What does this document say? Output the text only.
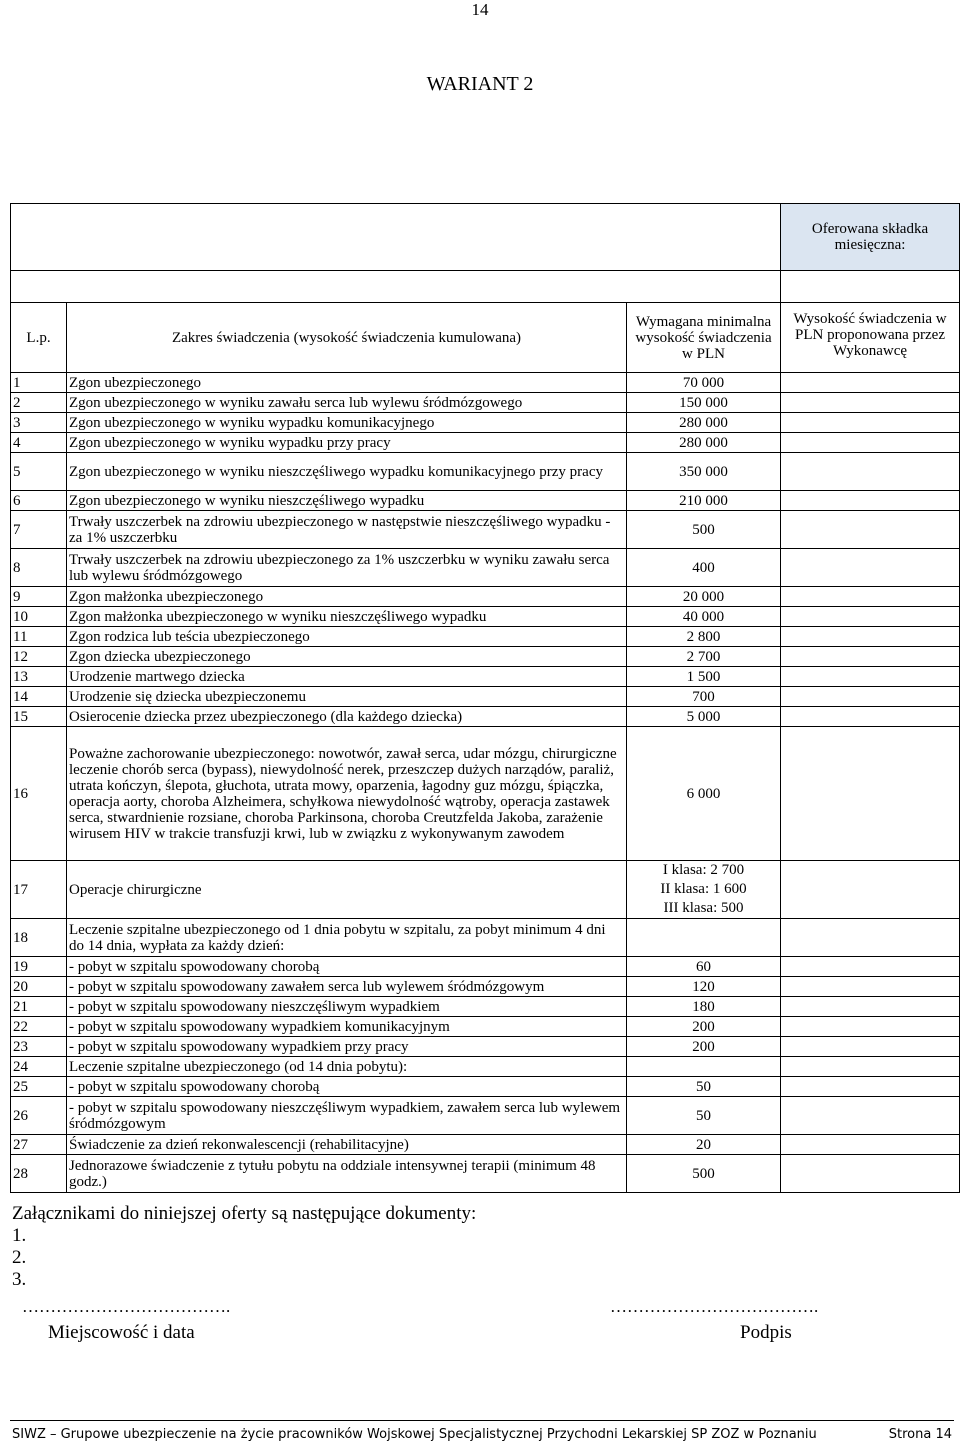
14
WARIANT 2
			Oferowana składka miesięczna:

L.p.	Zakres świadczenia (wysokość świadczenia kumulowana)	Wymagana minimalna wysokość świadczenia w PLN	Wysokość świadczenia w PLN proponowana przez Wykonawcę
1	Zgon ubezpieczonego	70 000	
2	Zgon ubezpieczonego w wyniku zawału serca lub wylewu śródmózgowego	150 000	
3	Zgon ubezpieczonego w wyniku wypadku komunikacyjnego	280 000	
4	Zgon ubezpieczonego w wyniku wypadku przy pracy	280 000	
5	Zgon ubezpieczonego w wyniku nieszczęśliwego wypadku komunikacyjnego przy pracy	350 000	
6	Zgon ubezpieczonego w wyniku nieszczęśliwego wypadku	210 000	
7	Trwały uszczerbek na zdrowiu ubezpieczonego w następstwie nieszczęśliwego wypadku - za 1% uszczerbku	500	
8	Trwały uszczerbek na zdrowiu ubezpieczonego za 1% uszczerbku w wyniku zawału serca lub wylewu śródmózgowego	400	
9	Zgon małżonka ubezpieczonego	20 000	
10	Zgon małżonka ubezpieczonego w wyniku nieszczęśliwego wypadku	40 000	
11	Zgon rodzica lub teścia ubezpieczonego	2 800	
12	Zgon dziecka ubezpieczonego	2 700	
13	Urodzenie martwego dziecka	1 500	
14	Urodzenie się dziecka ubezpieczonemu	700	
15	Osierocenie dziecka przez ubezpieczonego (dla każdego dziecka)	5 000	
16	Poważne zachorowanie ubezpieczonego: nowotwór, zawał serca, udar mózgu, chirurgiczne leczenie chorób serca (bypass), niewydolność nerek, przeszczep dużych narządów, paraliż, utrata kończyn, ślepota, głuchota, utrata mowy, oparzenia, łagodny guz mózgu, śpiączka, operacja aorty, choroba Alzheimera, schyłkowa niewydolność wątroby, operacja zastawek serca, stwardnienie rozsiane, choroba Parkinsona, choroba Creutzfelda Jakoba, zarażenie wirusem HIV w trakcie transfuzji krwi, lub w związku z wykonywanym zawodem	6 000	
17	Operacje chirurgiczne	I klasa: 2 700
II klasa: 1 600
III klasa: 500	

18	Leczenie szpitalne ubezpieczonego od 1 dnia pobytu w szpitalu, za pobyt minimum 4 dni do 14 dnia, wypłata za każdy dzień:		
19	- pobyt w szpitalu spowodowany chorobą	60	
20	- pobyt w szpitalu spowodowany zawałem serca lub wylewem śródmózgowym	120	
21	- pobyt w szpitalu spowodowany nieszczęśliwym wypadkiem	180	
22	- pobyt w szpitalu spowodowany wypadkiem komunikacyjnym	200	
23	- pobyt w szpitalu spowodowany wypadkiem przy pracy	200	
24	Leczenie szpitalne ubezpieczonego (od 14 dnia pobytu):		
25	- pobyt w szpitalu spowodowany chorobą	50	
26	- pobyt w szpitalu spowodowany nieszczęśliwym wypadkiem, zawałem serca lub wylewem śródmózgowym	50	
27	Świadczenie za dzień rekonwalescencji (rehabilitacyjne)	20	
28	Jednorazowe świadczenie z tytułu pobytu na oddziale intensywnej terapii (minimum 48 godz.)	500	
Załącznikami do niniejszej oferty są następujące dokumenty:
1.
2.
3.
……………………………….	……………………………….
Miejscowość i data	Podpis
SIWZ – Grupowe ubezpieczenie na życie pracowników Wojskowej Specjalistycznej Przychodni Lekarskiej SP ZOZ w Poznaniu	Strona 14
